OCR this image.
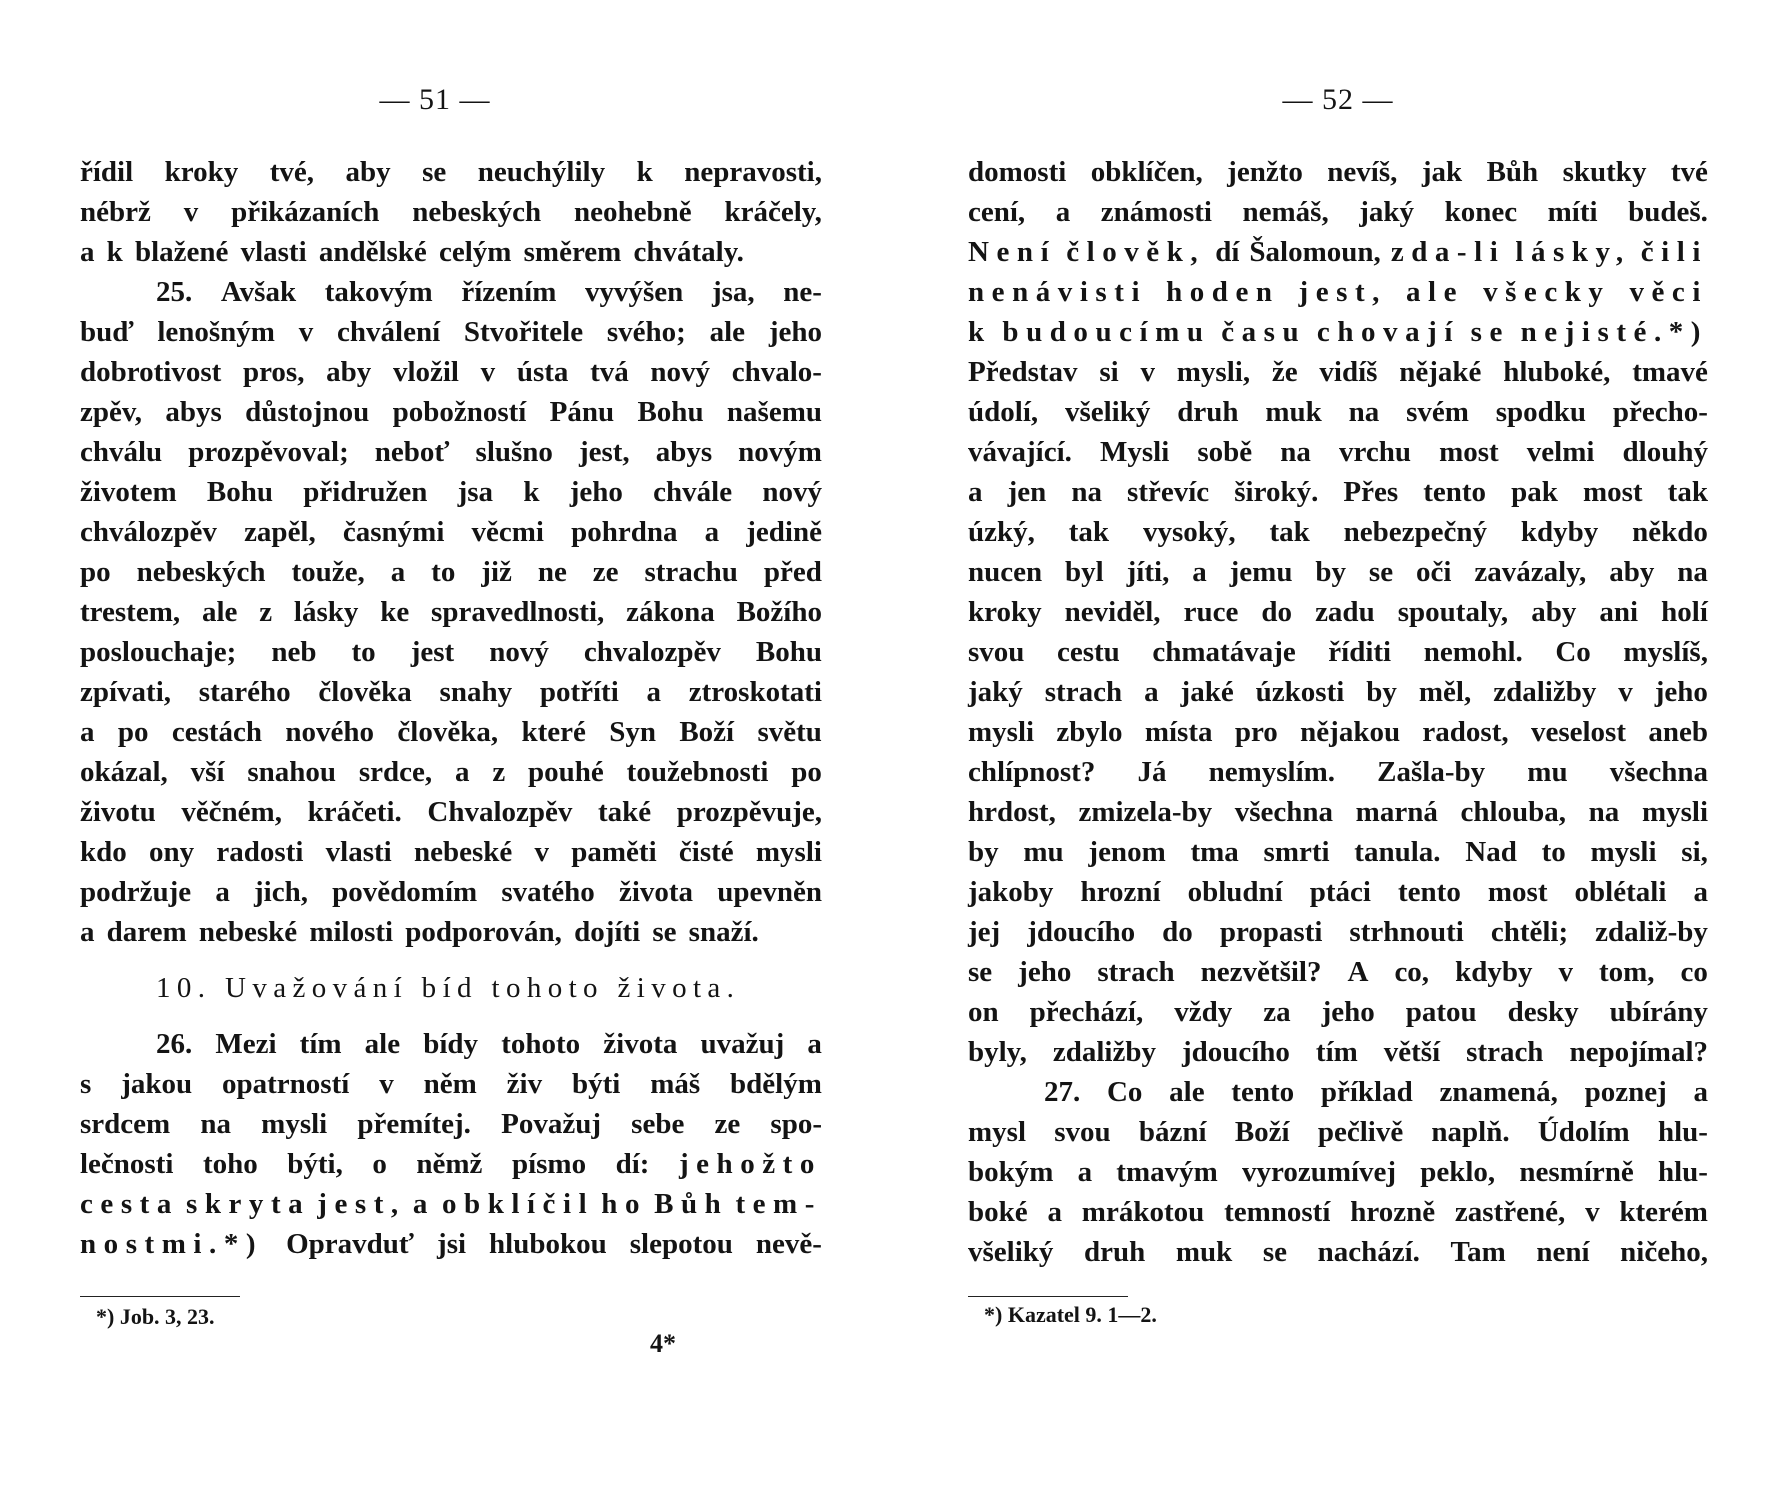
— 51 —
řídil kroky tvé, aby se neuchýlily k nepravosti,
nébrž v přikázaních nebeských neohebně kráčely,
a k blažené vlasti andělské celým směrem chvátaly.
25. Avšak takovým řízením vyvýšen jsa, ne-
buď lenošným v chválení Stvořitele svého; ale jeho
dobrotivost pros, aby vložil v ústa tvá nový chvalo-
zpěv, abys důstojnou pobožností Pánu Bohu našemu
chválu prozpěvoval; neboť slušno jest, abys novým
životem Bohu přidružen jsa k jeho chvále nový
chválozpěv zapěl, časnými věcmi pohrdna a jedině
po nebeských touže, a to již ne ze strachu před
trestem, ale z lásky ke spravedlnosti, zákona Božího
poslouchaje; neb to jest nový chvalozpěv Bohu
zpívati, starého člověka snahy potříti a ztroskotati
a po cestách nového člověka, které Syn Boží světu
okázal, vší snahou srdce, a z pouhé toužebnosti po
životu věčném, kráčeti. Chvalozpěv také prozpěvuje,
kdo ony radosti vlasti nebeské v paměti čisté mysli
podržuje a jich, povědomím svatého života upevněn
a darem nebeské milosti podporován, dojíti se snaží.
10. Uvažování bíd tohoto života.
26. Mezi tím ale bídy tohoto života uvažuj a
s jakou opatrností v něm živ býti máš bdělým
srdcem na mysli přemítej. Považuj sebe ze spo-
lečnosti toho býti, o němž písmo dí: jehožto
cesta skryta jest, a obklíčil ho Bůh tem-
nostmi.*) Opravduť jsi hlubokou slepotou nevě-
*) Job. 3, 23.
4*
— 52 —
domosti obklíčen, jenžto nevíš, jak Bůh skutky tvé
cení, a známosti nemáš, jaký konec míti budeš.
Není člověk, dí Šalomoun, zda-li lásky, čili
nenávisti hoden jest, ale všecky věci
k budoucímu času chovají se nejisté.*)
Představ si v mysli, že vidíš nějaké hluboké, tmavé
údolí, všeliký druh muk na svém spodku přecho-
vávající. Mysli sobě na vrchu most velmi dlouhý
a jen na střevíc široký. Přes tento pak most tak
úzký, tak vysoký, tak nebezpečný kdyby někdo
nucen byl jíti, a jemu by se oči zavázaly, aby na
kroky neviděl, ruce do zadu spoutaly, aby ani holí
svou cestu chmatávaje říditi nemohl. Co myslíš,
jaký strach a jaké úzkosti by měl, zdaližby v jeho
mysli zbylo místa pro nějakou radost, veselost aneb
chlípnost? Já nemyslím. Zašla-by mu všechna
hrdost, zmizela-by všechna marná chlouba, na mysli
by mu jenom tma smrti tanula. Nad to mysli si,
jakoby hrozní obludní ptáci tento most oblétali a
jej jdoucího do propasti strhnouti chtěli; zdaliž-by
se jeho strach nezvětšil? A co, kdyby v tom, co
on přechází, vždy za jeho patou desky ubírány
byly, zdaližby jdoucího tím větší strach nepojímal?
27. Co ale tento příklad znamená, poznej a
mysl svou bázní Boží pečlivě naplň. Údolím hlu-
bokým a tmavým vyrozumívej peklo, nesmírně hlu-
boké a mrákotou temností hrozně zastřené, v kterém
všeliký druh muk se nachází. Tam není ničeho,
*) Kazatel 9. 1—2.
